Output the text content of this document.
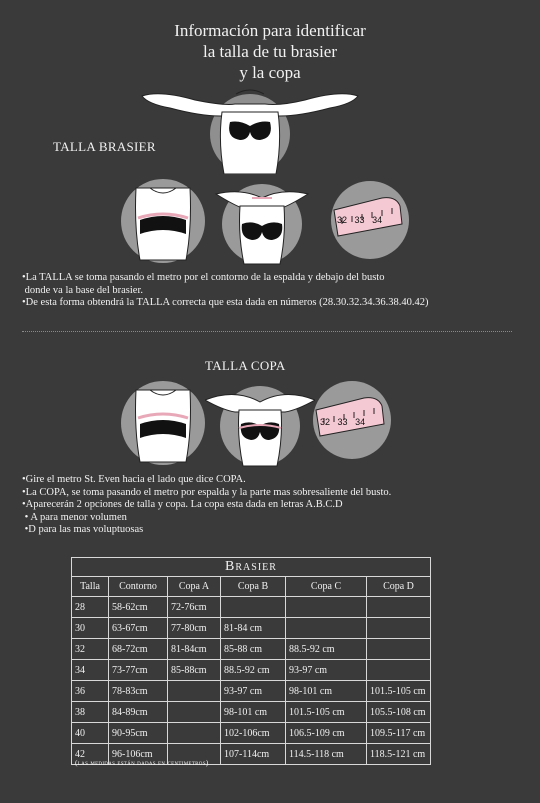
Información para identificar
la talla de tu brasier
y la copa
TALLA BRASIER
32 33 34
•La TALLA se toma pasando el metro por el contorno de la espalda y debajo del busto
donde va la base del brasier.
•De esta forma obtendrá la TALLA correcta que esta dada en números (28.30.32.34.36.38.40.42)
TALLA COPA
32 33 34
•Gire el metro St. Even hacia el lado que dice COPA.
•La COPA, se toma pasando el metro por espalda y la parte mas sobresaliente del busto.
•Aparecerán 2 opciones de talla y copa. La copa esta dada en letras A.B.C.D
• A para menor volumen
•D para las mas voluptuosas
Brasier					
Talla	Contorno	Copa A	Copa B	Copa C	Copa D
28	58-62cm	72-76cm			
30	63-67cm	77-80cm	81-84 cm		
32	68-72cm	81-84cm	85-88 cm	88.5-92 cm	
34	73-77cm	85-88cm	88.5-92 cm	93-97 cm	
36	78-83cm		93-97 cm	98-101 cm	101.5-105 cm
38	84-89cm		98-101 cm	101.5-105 cm	105.5-108 cm
40	90-95cm		102-106cm	106.5-109 cm	109.5-117 cm
42	96-106cm		107-114cm	114.5-118 cm	118.5-121 cm
(las medidas están dadas en centimetros)
